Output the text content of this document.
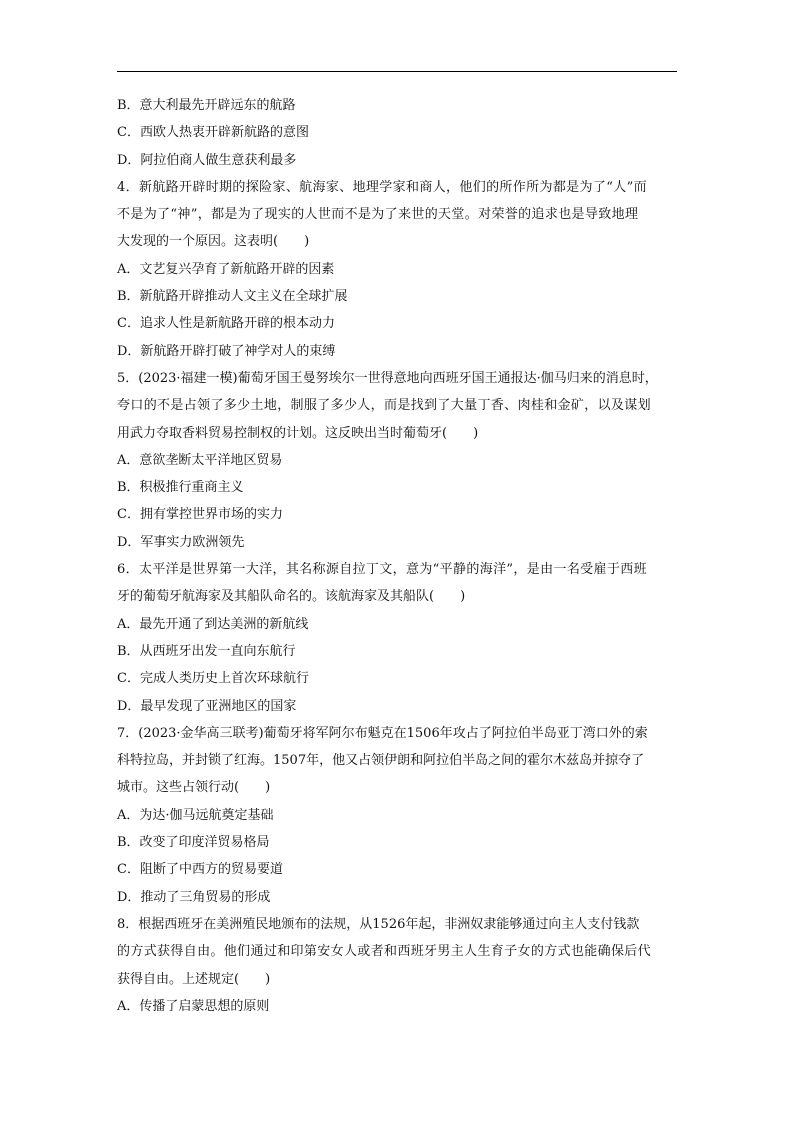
B．意大利最先开辟远东的航路
C．西欧人热衷开辟新航路的意图
D．阿拉伯商人做生意获利最多
4．新航路开辟时期的探险家、航海家、地理学家和商人，他们的所作所为都是为了“人”而
不是为了“神”，都是为了现实的人世而不是为了来世的天堂。对荣誉的追求也是导致地理
大发现的一个原因。这表明(　　)
A．文艺复兴孕育了新航路开辟的因素
B．新航路开辟推动人文主义在全球扩展
C．追求人性是新航路开辟的根本动力
D．新航路开辟打破了神学对人的束缚
5．(2023·福建一模)葡萄牙国王曼努埃尔一世得意地向西班牙国王通报达·伽马归来的消息时，
夸口的不是占领了多少土地，制服了多少人，而是找到了大量丁香、肉桂和金矿，以及谋划
用武力夺取香料贸易控制权的计划。这反映出当时葡萄牙(　　)
A．意欲垄断太平洋地区贸易
B．积极推行重商主义
C．拥有掌控世界市场的实力
D．军事实力欧洲领先
6．太平洋是世界第一大洋，其名称源自拉丁文，意为“平静的海洋”，是由一名受雇于西班
牙的葡萄牙航海家及其船队命名的。该航海家及其船队(　　)
A．最先开通了到达美洲的新航线
B．从西班牙出发一直向东航行
C．完成人类历史上首次环球航行
D．最早发现了亚洲地区的国家
7．(2023·金华高三联考)葡萄牙将军阿尔布魁克在1506年攻占了阿拉伯半岛亚丁湾口外的索
科特拉岛，并封锁了红海。1507年，他又占领伊朗和阿拉伯半岛之间的霍尔木兹岛并掠夺了
城市。这些占领行动(　　)
A．为达·伽马远航奠定基础
B．改变了印度洋贸易格局
C．阻断了中西方的贸易要道
D．推动了三角贸易的形成
8．根据西班牙在美洲殖民地颁布的法规，从1526年起，非洲奴隶能够通过向主人支付钱款
的方式获得自由。他们通过和印第安女人或者和西班牙男主人生育子女的方式也能确保后代
获得自由。上述规定(　　)
A．传播了启蒙思想的原则
